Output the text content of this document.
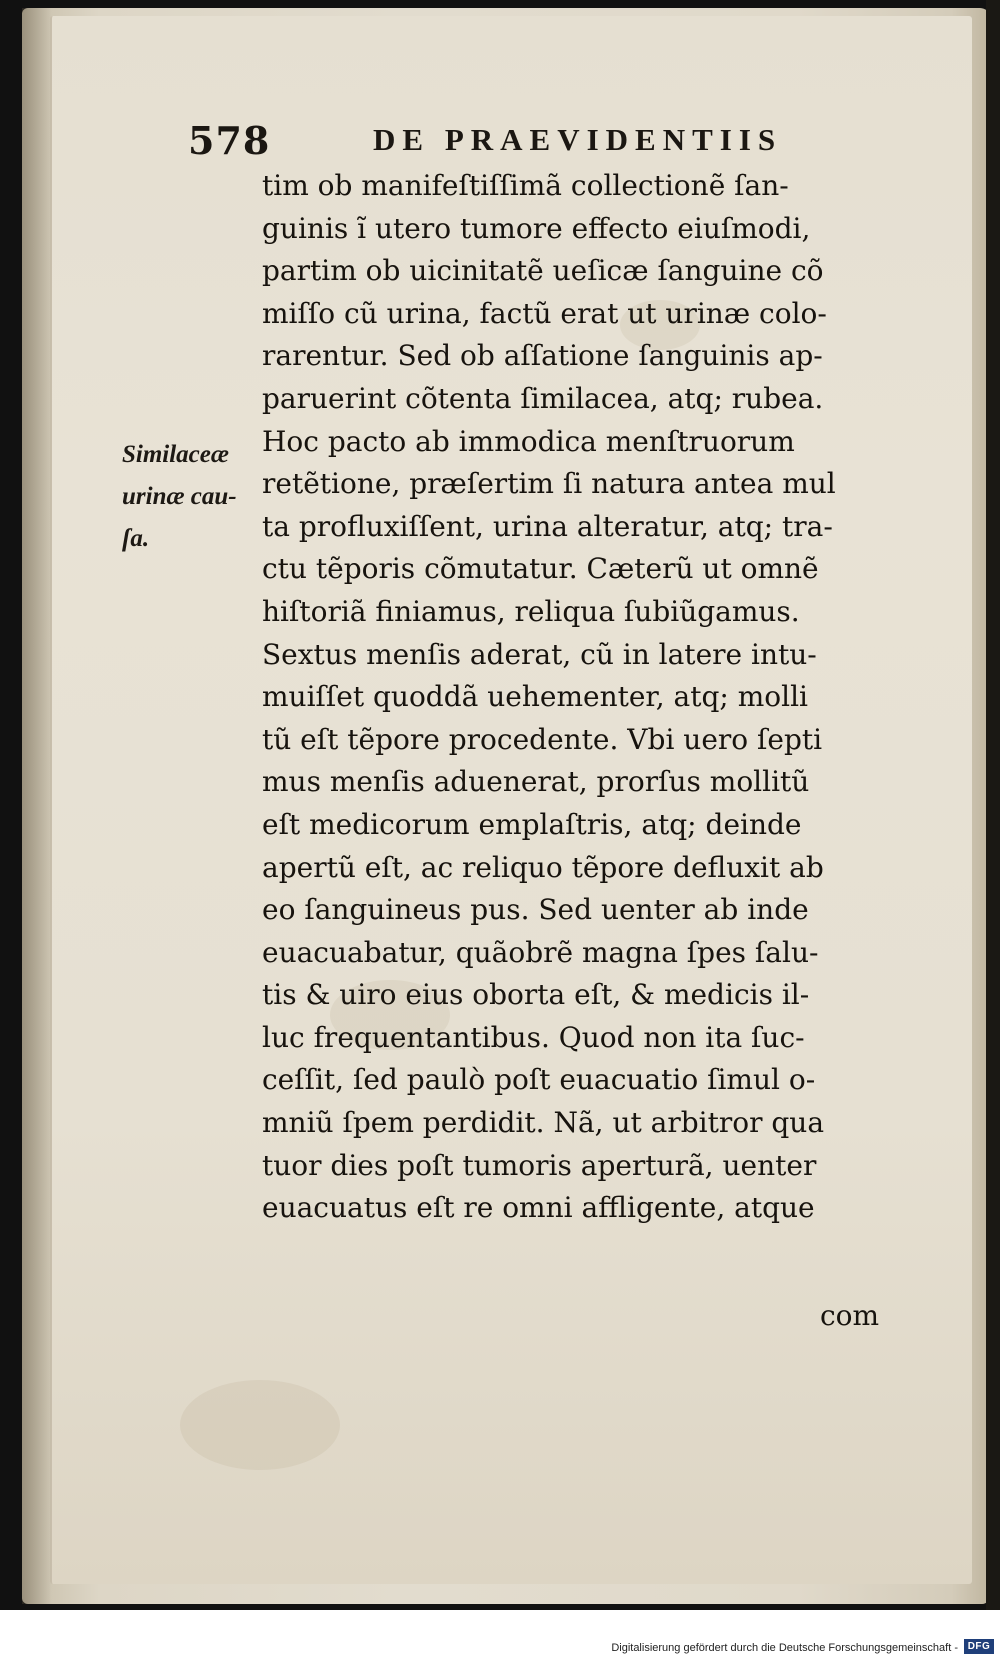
578	DE PRAEVIDENTIIS
Similaceæ
urinæ cau-
ſa.
tim ob manifeſtiſſimã collectionẽ ſan-
guinis ĩ utero tumore effecto eiuſmodi,
partim ob uicinitatẽ ueſicæ ſanguine cõ
miſſo cũ urina, factũ erat ut urinæ colo-
rarentur. Sed ob aſſatione ſanguinis ap-
paruerint cõtenta ſimilacea, atq; rubea.
Hoc pacto ab immodica menſtruorum
retẽtione, præſertim ſi natura antea mul
ta profluxiſſent, urina alteratur, atq; tra-
ctu tẽporis cõmutatur. Cæterũ ut omnẽ
hiſtoriã finiamus, reliqua ſubiũgamus.
Sextus menſis aderat, cũ in latere intu-
muiſſet quoddã uehementer, atq; molli
tũ eſt tẽpore procedente. Vbi uero ſepti
mus menſis aduenerat, prorſus mollitũ
eſt medicorum emplaſtris, atq; deinde
apertũ eſt, ac reliquo tẽpore defluxit ab
eo ſanguineus pus. Sed uenter ab inde
euacuabatur, quãobrẽ magna ſpes ſalu-
tis & uiro eius oborta eſt, & medicis il-
luc frequentantibus. Quod non ita ſuc-
ceſſit, ſed paulò poſt euacuatio ſimul o-
mniũ ſpem perdidit. Nã, ut arbitror qua
tuor dies poſt tumoris aperturã, uenter
euacuatus eſt re omni affligente, atque
com
Digitalisierung gefördert durch die Deutsche Forschungsgemeinschaft - DFG
